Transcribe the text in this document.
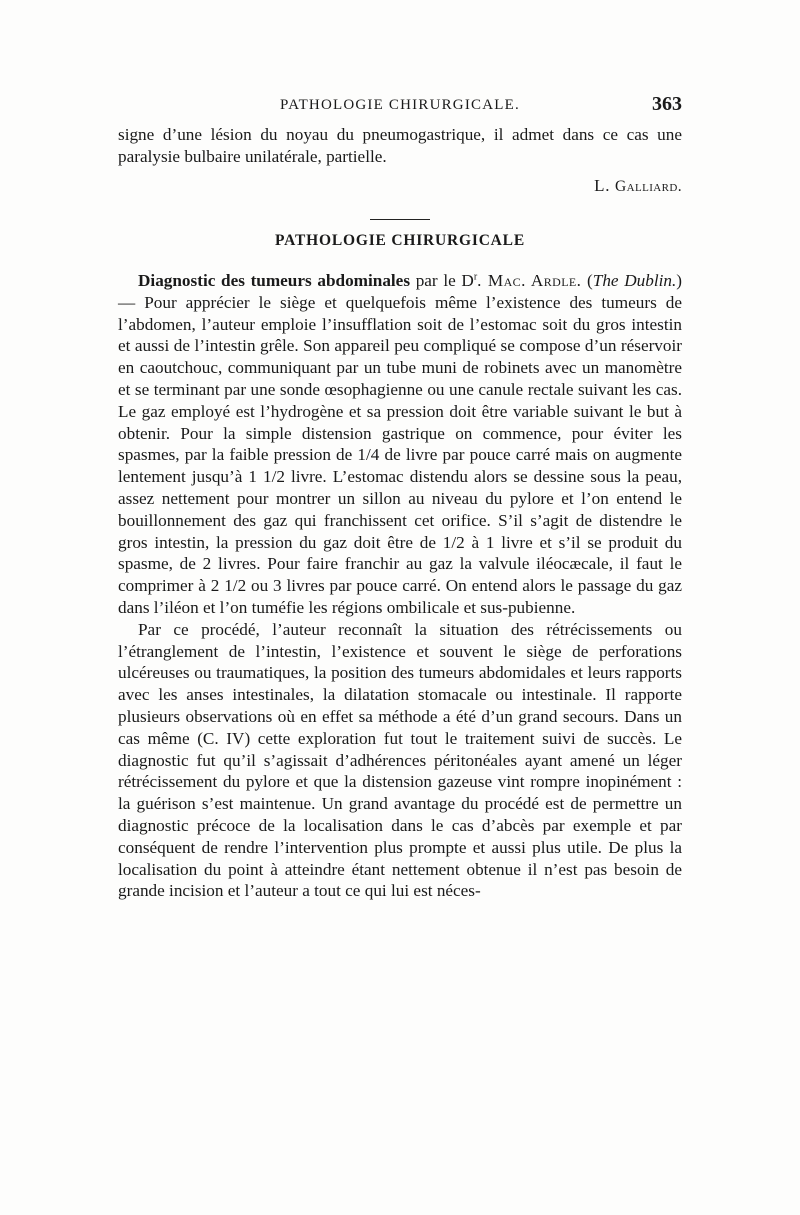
PATHOLOGIE CHIRURGICALE.	363

signe d’une lésion du noyau du pneumogastrique, il admet dans ce cas une paralysie bulbaire unilatérale, partielle.

L. Galliard.
PATHOLOGIE CHIRURGICALE

Diagnostic des tumeurs abdominales par le $D^r$. Mac. Ardle. (The Dublin.)— Pour apprécier le siège et quelquefois même l’existence des tumeurs de l’abdomen, l’auteur emploie l’insufflation soit de l’estomac soit du gros intestin et aussi de l’intestin grêle. Son appareil peu compliqué se compose d’un réservoir en caoutchouc, communiquant par un tube muni de robinets avec un manomètre et se terminant par une sonde œsophagienne ou une canule rectale suivant les cas. Le gaz employé est l’hydrogène et sa pression doit être variable suivant le but à obtenir. Pour la simple distension gastrique on commence, pour éviter les spasmes, par la faible pression de 1/4 de livre par pouce carré mais on augmente lentement jusqu’à 1 1/2 livre. L’estomac distendu alors se dessine sous la peau, assez nettement pour montrer un sillon au niveau du pylore et l’on entend le bouillonnement des gaz qui franchissent cet orifice. S’il s’agit de distendre le gros intestin, la pression du gaz doit être de 1/2 à 1 livre et s’il se produit du spasme, de 2 livres. Pour faire franchir au gaz la valvule iléocæcale, il faut le comprimer à 2 1/2 ou 3 livres par pouce carré. On entend alors le passage du gaz dans l’iléon et l’on tuméfie les régions ombilicale et sus-pubienne.

Par ce procédé, l’auteur reconnaît la situation des rétrécissements ou l’étranglement de l’intestin, l’existence et souvent le siège de perforations ulcéreuses ou traumatiques, la position des tumeurs abdomidales et leurs rapports avec les anses intestinales, la dilatation stomacale ou intestinale. Il rapporte plusieurs observations où en effet sa méthode a été d’un grand secours. Dans un cas même (C. IV) cette exploration fut tout le traitement suivi de succès. Le diagnostic fut qu’il s’agissait d’adhérences péritonéales ayant amené un léger rétrécissement du pylore et que la distension gazeuse vint rompre inopinément : la guérison s’est maintenue. Un grand avantage du procédé est de permettre un diagnostic précoce de la localisation dans le cas d’abcès par exemple et par conséquent de rendre l’intervention plus prompte et aussi plus utile. De plus la localisation du point à atteindre étant nettement obtenue il n’est pas besoin de grande incision et l’auteur a tout ce qui lui est néces-
